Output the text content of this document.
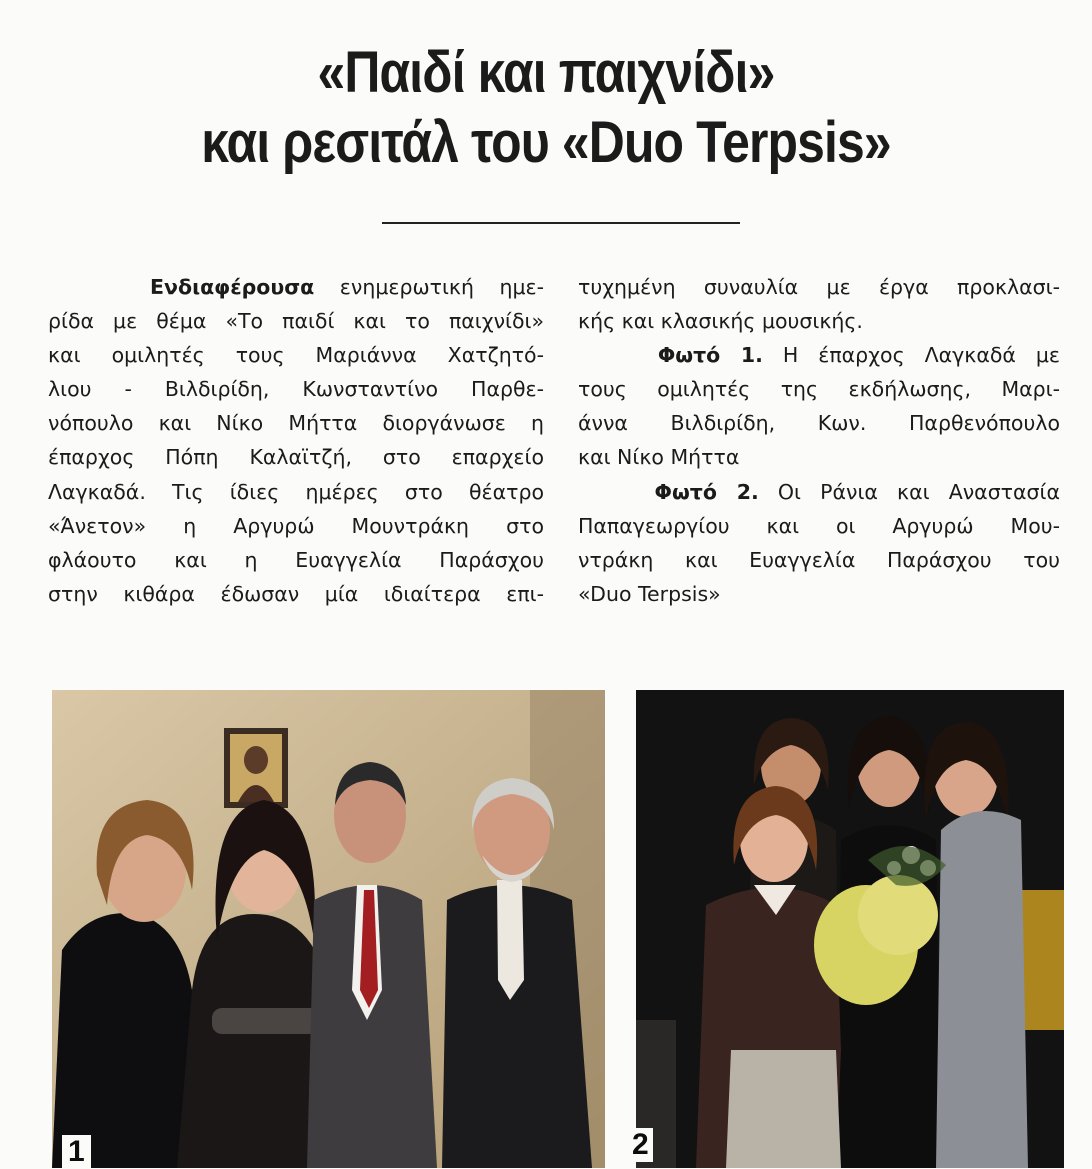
«Παιδί και παιχνίδι»
και ρεσιτάλ του «Duo Terpsis»
Ενδιαφέρουσα ενημερωτική ημε-
ρίδα με θέμα «Το παιδί και το παιχνίδι»
και ομιλητές τους Μαριάννα Χατζητό-
λιου - Βιλδιρίδη, Κωνσταντίνο Παρθε-
νόπουλο και Νίκο Μήττα διοργάνωσε η
έπαρχος Πόπη Καλαϊτζή, στο επαρχείο
Λαγκαδά. Τις ίδιες ημέρες στο θέατρο
«Άνετον» η Αργυρώ Μουντράκη στο
φλάουτο και η Ευαγγελία Παράσχου
στην κιθάρα έδωσαν μία ιδιαίτερα επι-
τυχημένη συναυλία με έργα προκλασι-
κής και κλασικής μουσικής.
Φωτό 1. Η έπαρχος Λαγκαδά με
τους ομιλητές της εκδήλωσης, Μαρι-
άννα Βιλδιρίδη, Κων. Παρθενόπουλο
και Νίκο Μήττα
Φωτό 2. Οι Ράνια και Αναστασία
Παπαγεωργίου και οι Αργυρώ Μου-
ντράκη και Ευαγγελία Παράσχου του
«Duo Terpsis»
1	2
